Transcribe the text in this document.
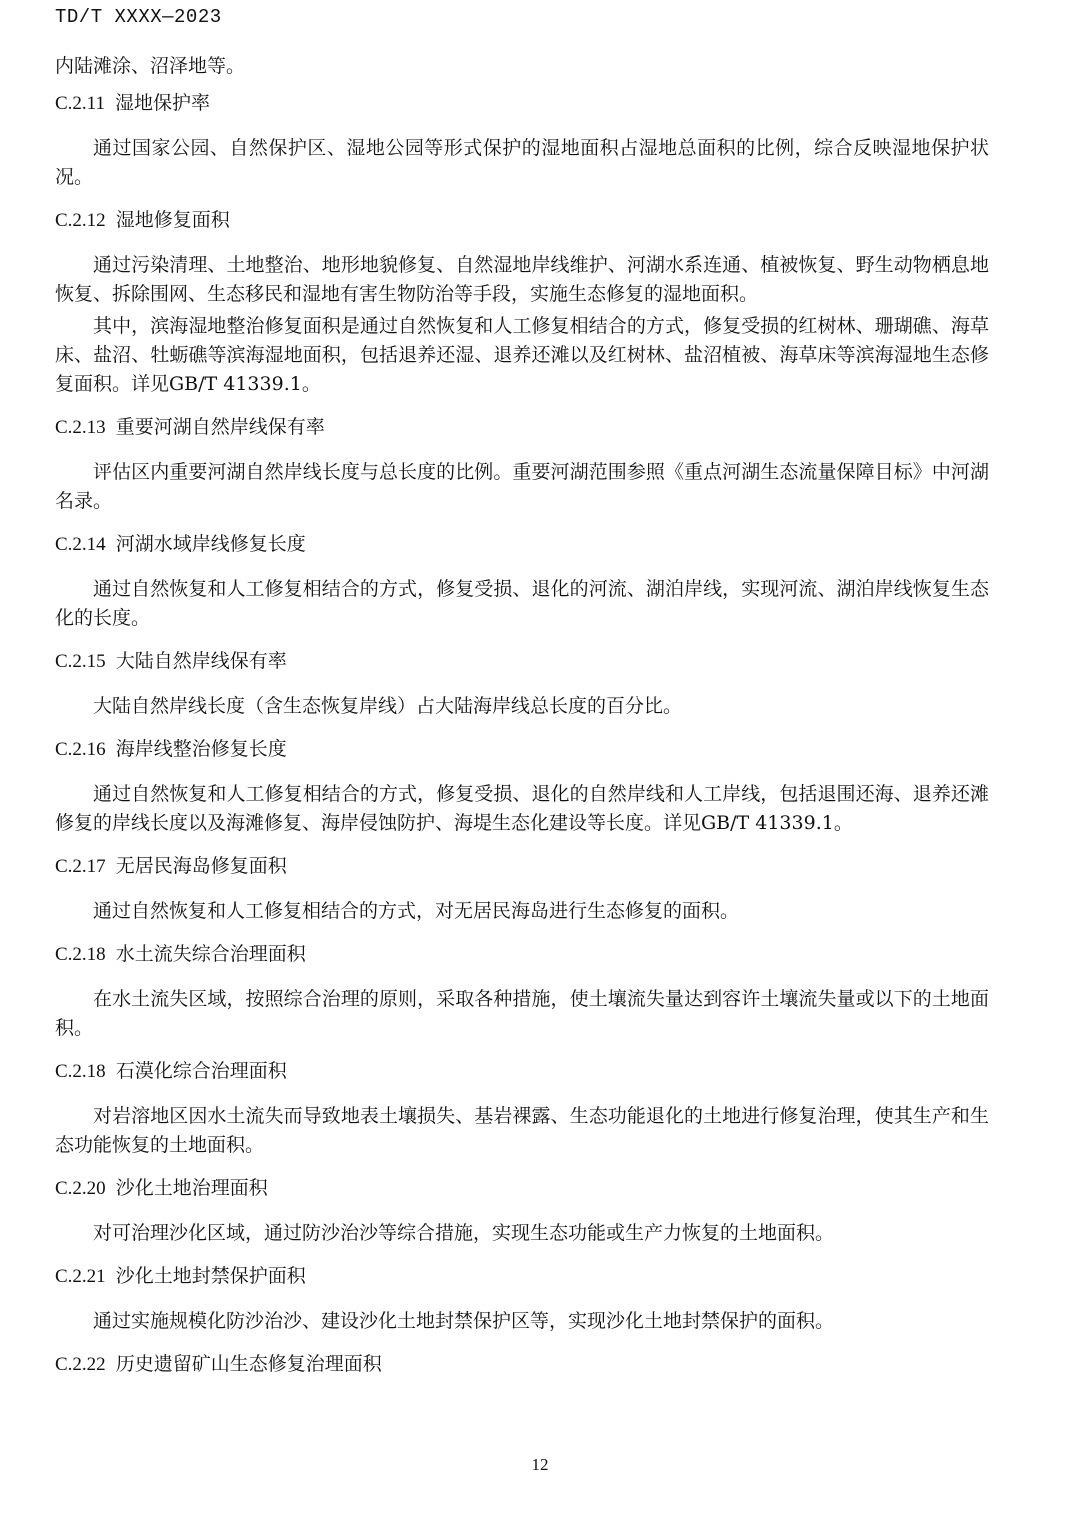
TD/T XXXX—2023

内陆滩涂、沼泽地等。

C.2.11 湿地保护率

通过国家公园、自然保护区、湿地公园等形式保护的湿地面积占湿地总面积的比例，综合反映湿地保护状况。

C.2.12 湿地修复面积

通过污染清理、土地整治、地形地貌修复、自然湿地岸线维护、河湖水系连通、植被恢复、野生动物栖息地恢复、拆除围网、生态移民和湿地有害生物防治等手段，实施生态修复的湿地面积。

其中，滨海湿地整治修复面积是通过自然恢复和人工修复相结合的方式，修复受损的红树林、珊瑚礁、海草床、盐沼、牡蛎礁等滨海湿地面积，包括退养还湿、退养还滩以及红树林、盐沼植被、海草床等滨海湿地生态修复面积。详见GB/T 41339.1。

C.2.13 重要河湖自然岸线保有率

评估区内重要河湖自然岸线长度与总长度的比例。重要河湖范围参照《重点河湖生态流量保障目标》中河湖名录。

C.2.14 河湖水域岸线修复长度

通过自然恢复和人工修复相结合的方式，修复受损、退化的河流、湖泊岸线，实现河流、湖泊岸线恢复生态化的长度。

C.2.15 大陆自然岸线保有率

大陆自然岸线长度（含生态恢复岸线）占大陆海岸线总长度的百分比。

C.2.16 海岸线整治修复长度

通过自然恢复和人工修复相结合的方式，修复受损、退化的自然岸线和人工岸线，包括退围还海、退养还滩修复的岸线长度以及海滩修复、海岸侵蚀防护、海堤生态化建设等长度。详见GB/T 41339.1。

C.2.17 无居民海岛修复面积

通过自然恢复和人工修复相结合的方式，对无居民海岛进行生态修复的面积。

C.2.18 水土流失综合治理面积

在水土流失区域，按照综合治理的原则，采取各种措施，使土壤流失量达到容许土壤流失量或以下的土地面积。

C.2.18 石漠化综合治理面积

对岩溶地区因水土流失而导致地表土壤损失、基岩裸露、生态功能退化的土地进行修复治理，使其生产和生态功能恢复的土地面积。

C.2.20 沙化土地治理面积

对可治理沙化区域，通过防沙治沙等综合措施，实现生态功能或生产力恢复的土地面积。

C.2.21 沙化土地封禁保护面积

通过实施规模化防沙治沙、建设沙化土地封禁保护区等，实现沙化土地封禁保护的面积。

C.2.22 历史遗留矿山生态修复治理面积

12
